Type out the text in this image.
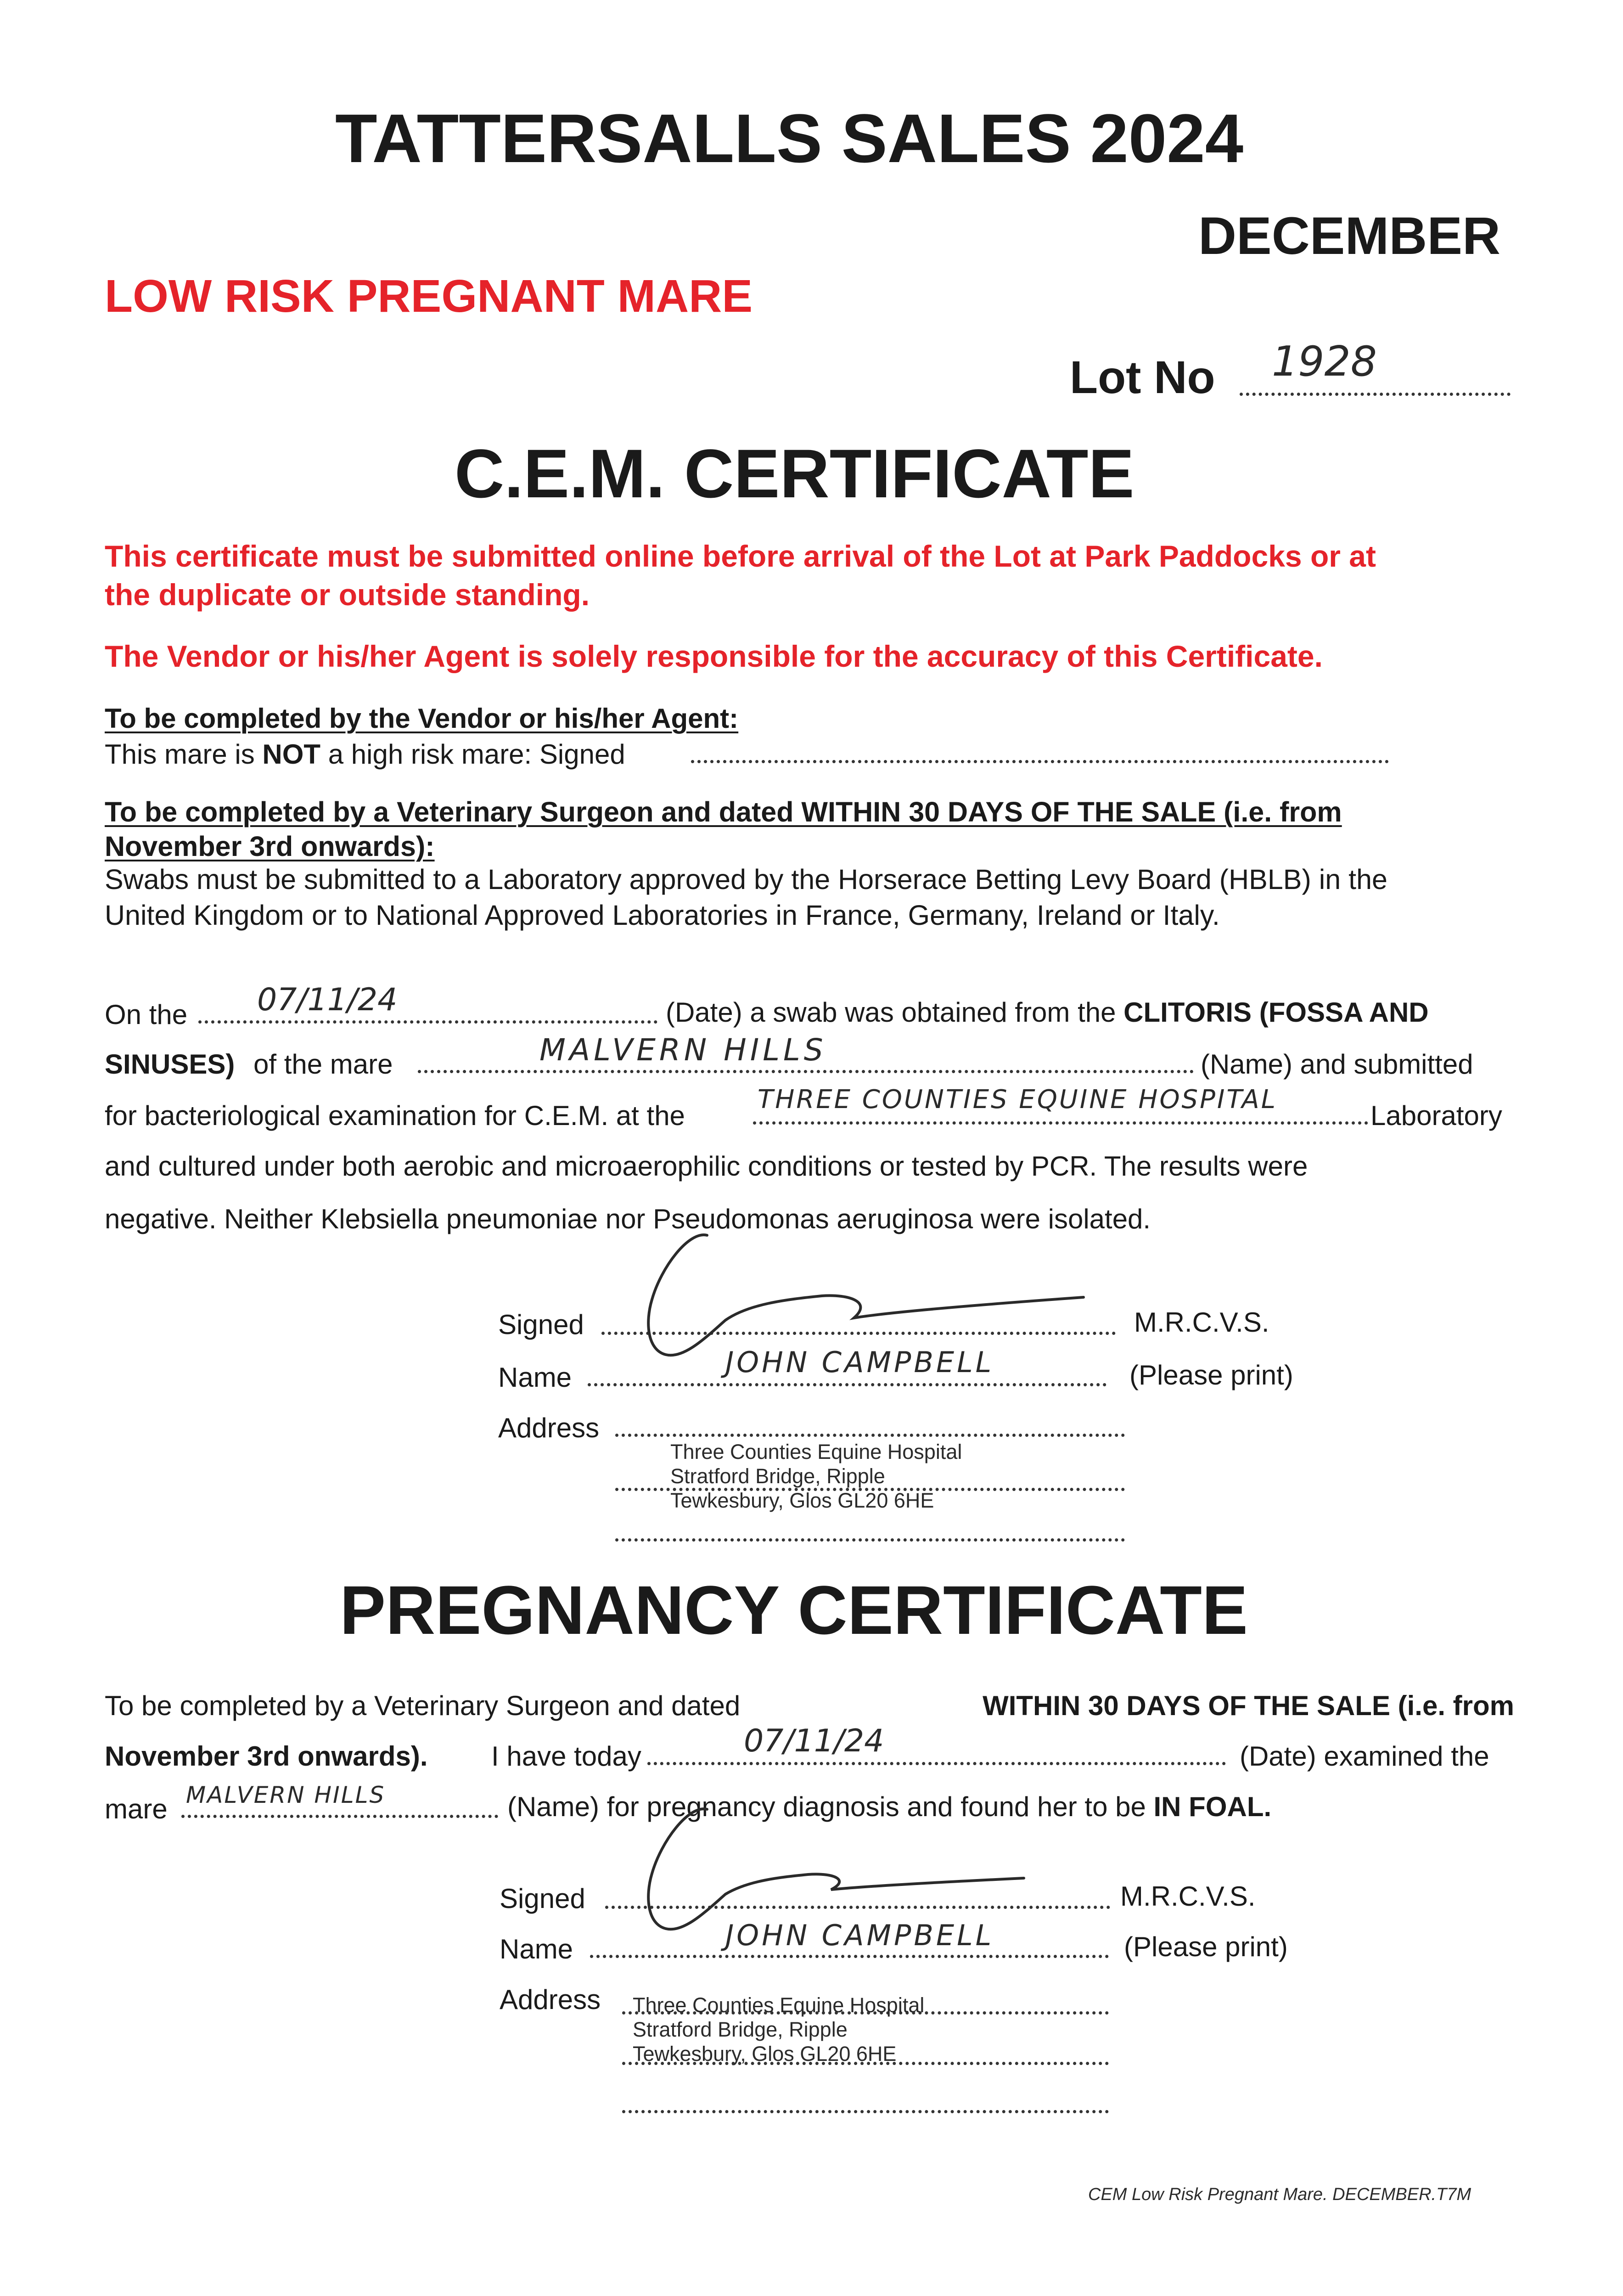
TATTERSALLS SALES 2024
DECEMBER
LOW RISK PREGNANT MARE
Lot No 1928
C.E.M. CERTIFICATE
This certificate must be submitted online before arrival of the Lot at Park Paddocks or at
the duplicate or outside standing.
The Vendor or his/her Agent is solely responsible for the accuracy of this Certificate.
To be completed by the Vendor or his/her Agent:
This mare is NOT a high risk mare: Signed
To be completed by a Veterinary Surgeon and dated WITHIN 30 DAYS OF THE SALE (i.e. from
November 3rd onwards):
Swabs must be submitted to a Laboratory approved by the Horserace Betting Levy Board (HBLB) in the
United Kingdom or to National Approved Laboratories in France, Germany, Ireland or Italy.
On the 07/11/24	(Date) a swab was obtained from the CLITORIS (FOSSA AND
SINUSES) of the mare	MALVERN HILLS	(Name) and submitted
for bacteriological examination for C.E.M. at the
THREE COUNTIES EQUINE HOSPITAL
Laboratory
and cultured under both aerobic and microaerophilic conditions or tested by PCR. The results were
negative. Neither Klebsiella pneumoniae nor Pseudomonas aeruginosa were isolated.
Signed	M.R.C.V.S.
Name	JOHN CAMPBELL	(Please print)
Address
Three Counties Equine Hospital
Stratford Bridge, Ripple
Tewkesbury, Glos GL20 6HE
PREGNANCY CERTIFICATE
To be completed by a Veterinary Surgeon and dated	WITHIN 30 DAYS OF THE SALE (i.e. from
November 3rd onwards). I have today	07/11/24	(Date) examined the
mare MALVERN HILLS	(Name) for pregnancy diagnosis and found her to be IN FOAL.
Signed	M.R.C.V.S.
Name	JOHN CAMPBELL	(Please print)
Address Three Counties Equine Hospital
Stratford Bridge, Ripple
Tewkesbury, Glos GL20 6HE
CEM Low Risk Pregnant Mare. DECEMBER.T7M
